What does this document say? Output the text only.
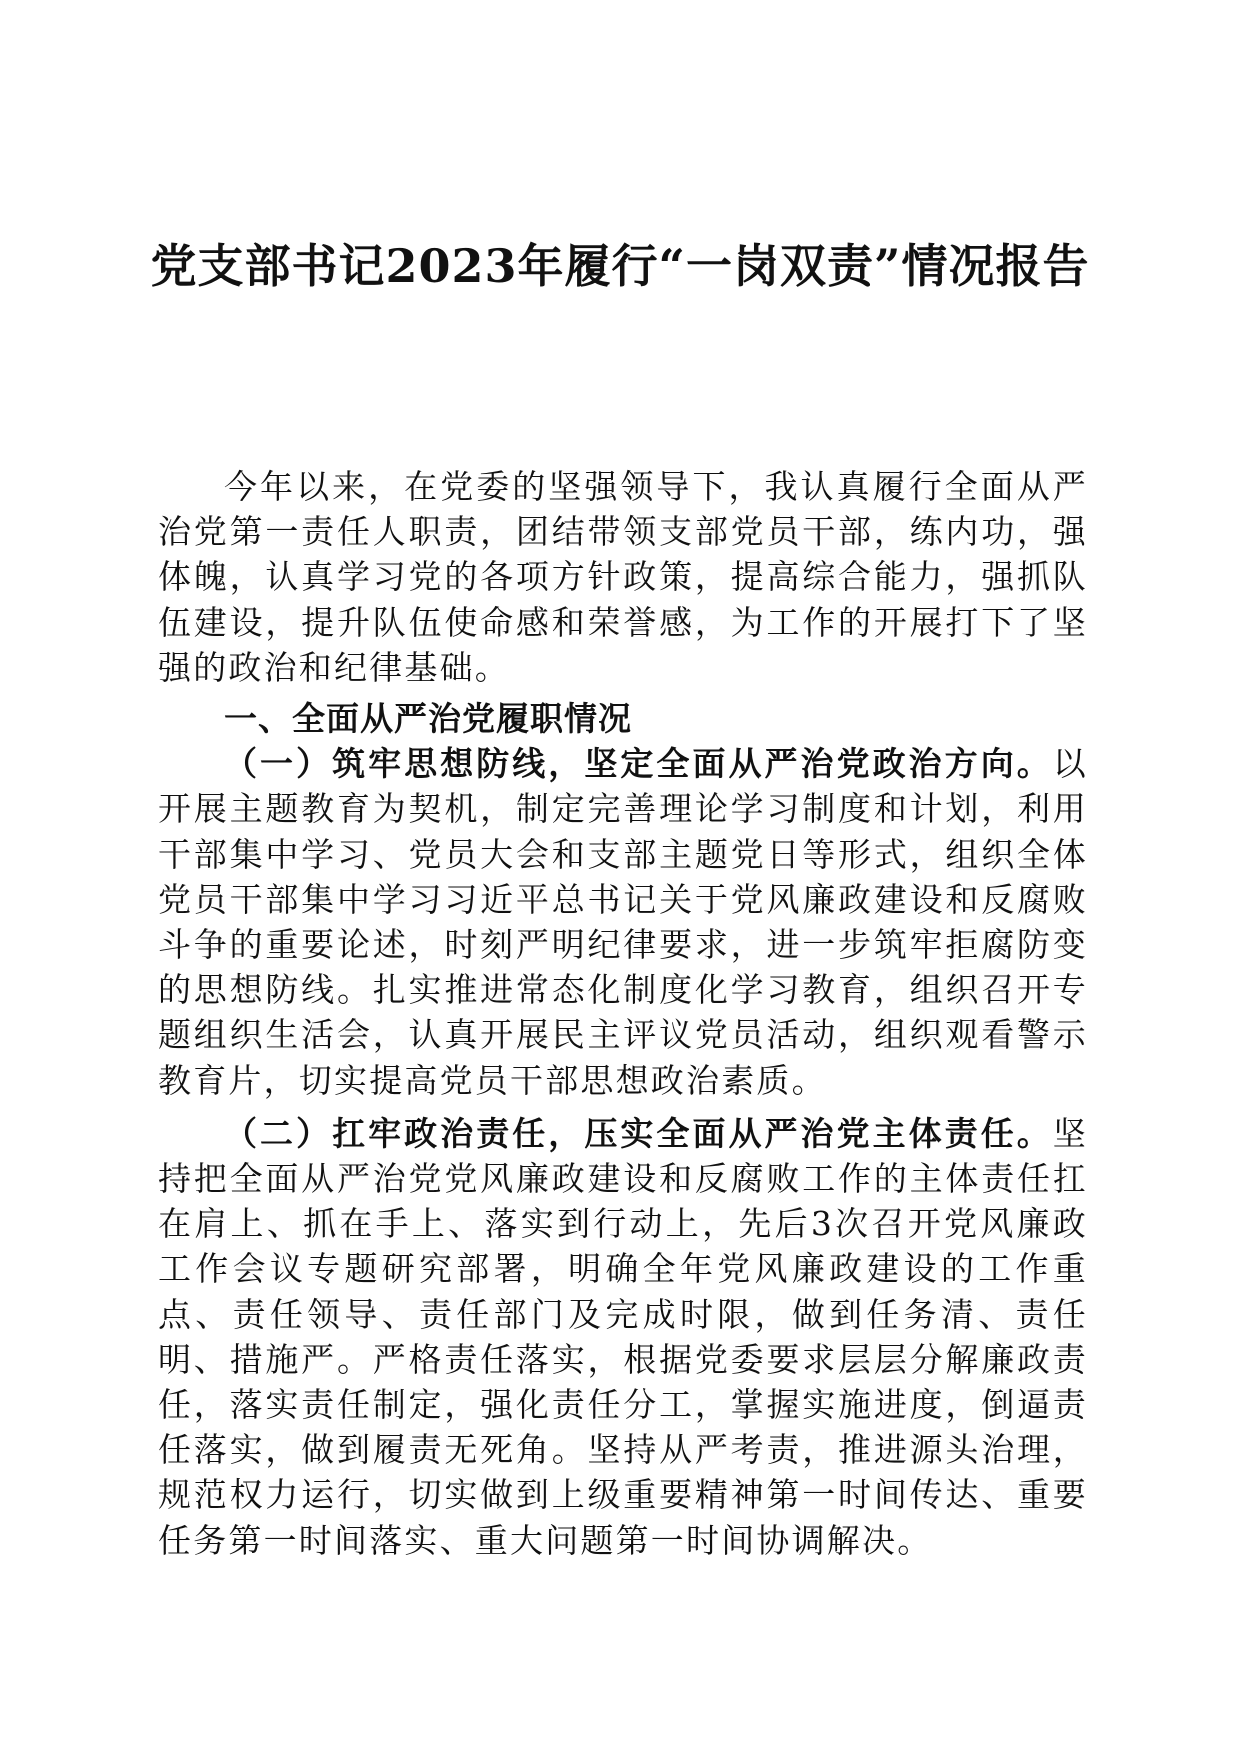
党支部书记2023年履行“一岗双责”情况报告

今年以来，在党委的坚强领导下，我认真履行全面从严治党第一责任人职责，团结带领支部党员干部，练内功，强体魄，认真学习党的各项方针政策，提高综合能力，强抓队伍建设，提升队伍使命感和荣誉感，为工作的开展打下了坚强的政治和纪律基础。

一、全面从严治党履职情况

（一）筑牢思想防线，坚定全面从严治党政治方向。以开展主题教育为契机，制定完善理论学习制度和计划，利用干部集中学习、党员大会和支部主题党日等形式，组织全体党员干部集中学习习近平总书记关于党风廉政建设和反腐败斗争的重要论述，时刻严明纪律要求，进一步筑牢拒腐防变的思想防线。扎实推进常态化制度化学习教育，组织召开专题组织生活会，认真开展民主评议党员活动，组织观看警示教育片，切实提高党员干部思想政治素质。

（二）扛牢政治责任，压实全面从严治党主体责任。坚持把全面从严治党党风廉政建设和反腐败工作的主体责任扛在肩上、抓在手上、落实到行动上，先后3次召开党风廉政工作会议专题研究部署，明确全年党风廉政建设的工作重点、责任领导、责任部门及完成时限，做到任务清、责任明、措施严。严格责任落实，根据党委要求层层分解廉政责任，落实责任制定，强化责任分工，掌握实施进度，倒逼责任落实，做到履责无死角。坚持从严考责，推进源头治理，规范权力运行，切实做到上级重要精神第一时间传达、重要任务第一时间落实、重大问题第一时间协调解决。
